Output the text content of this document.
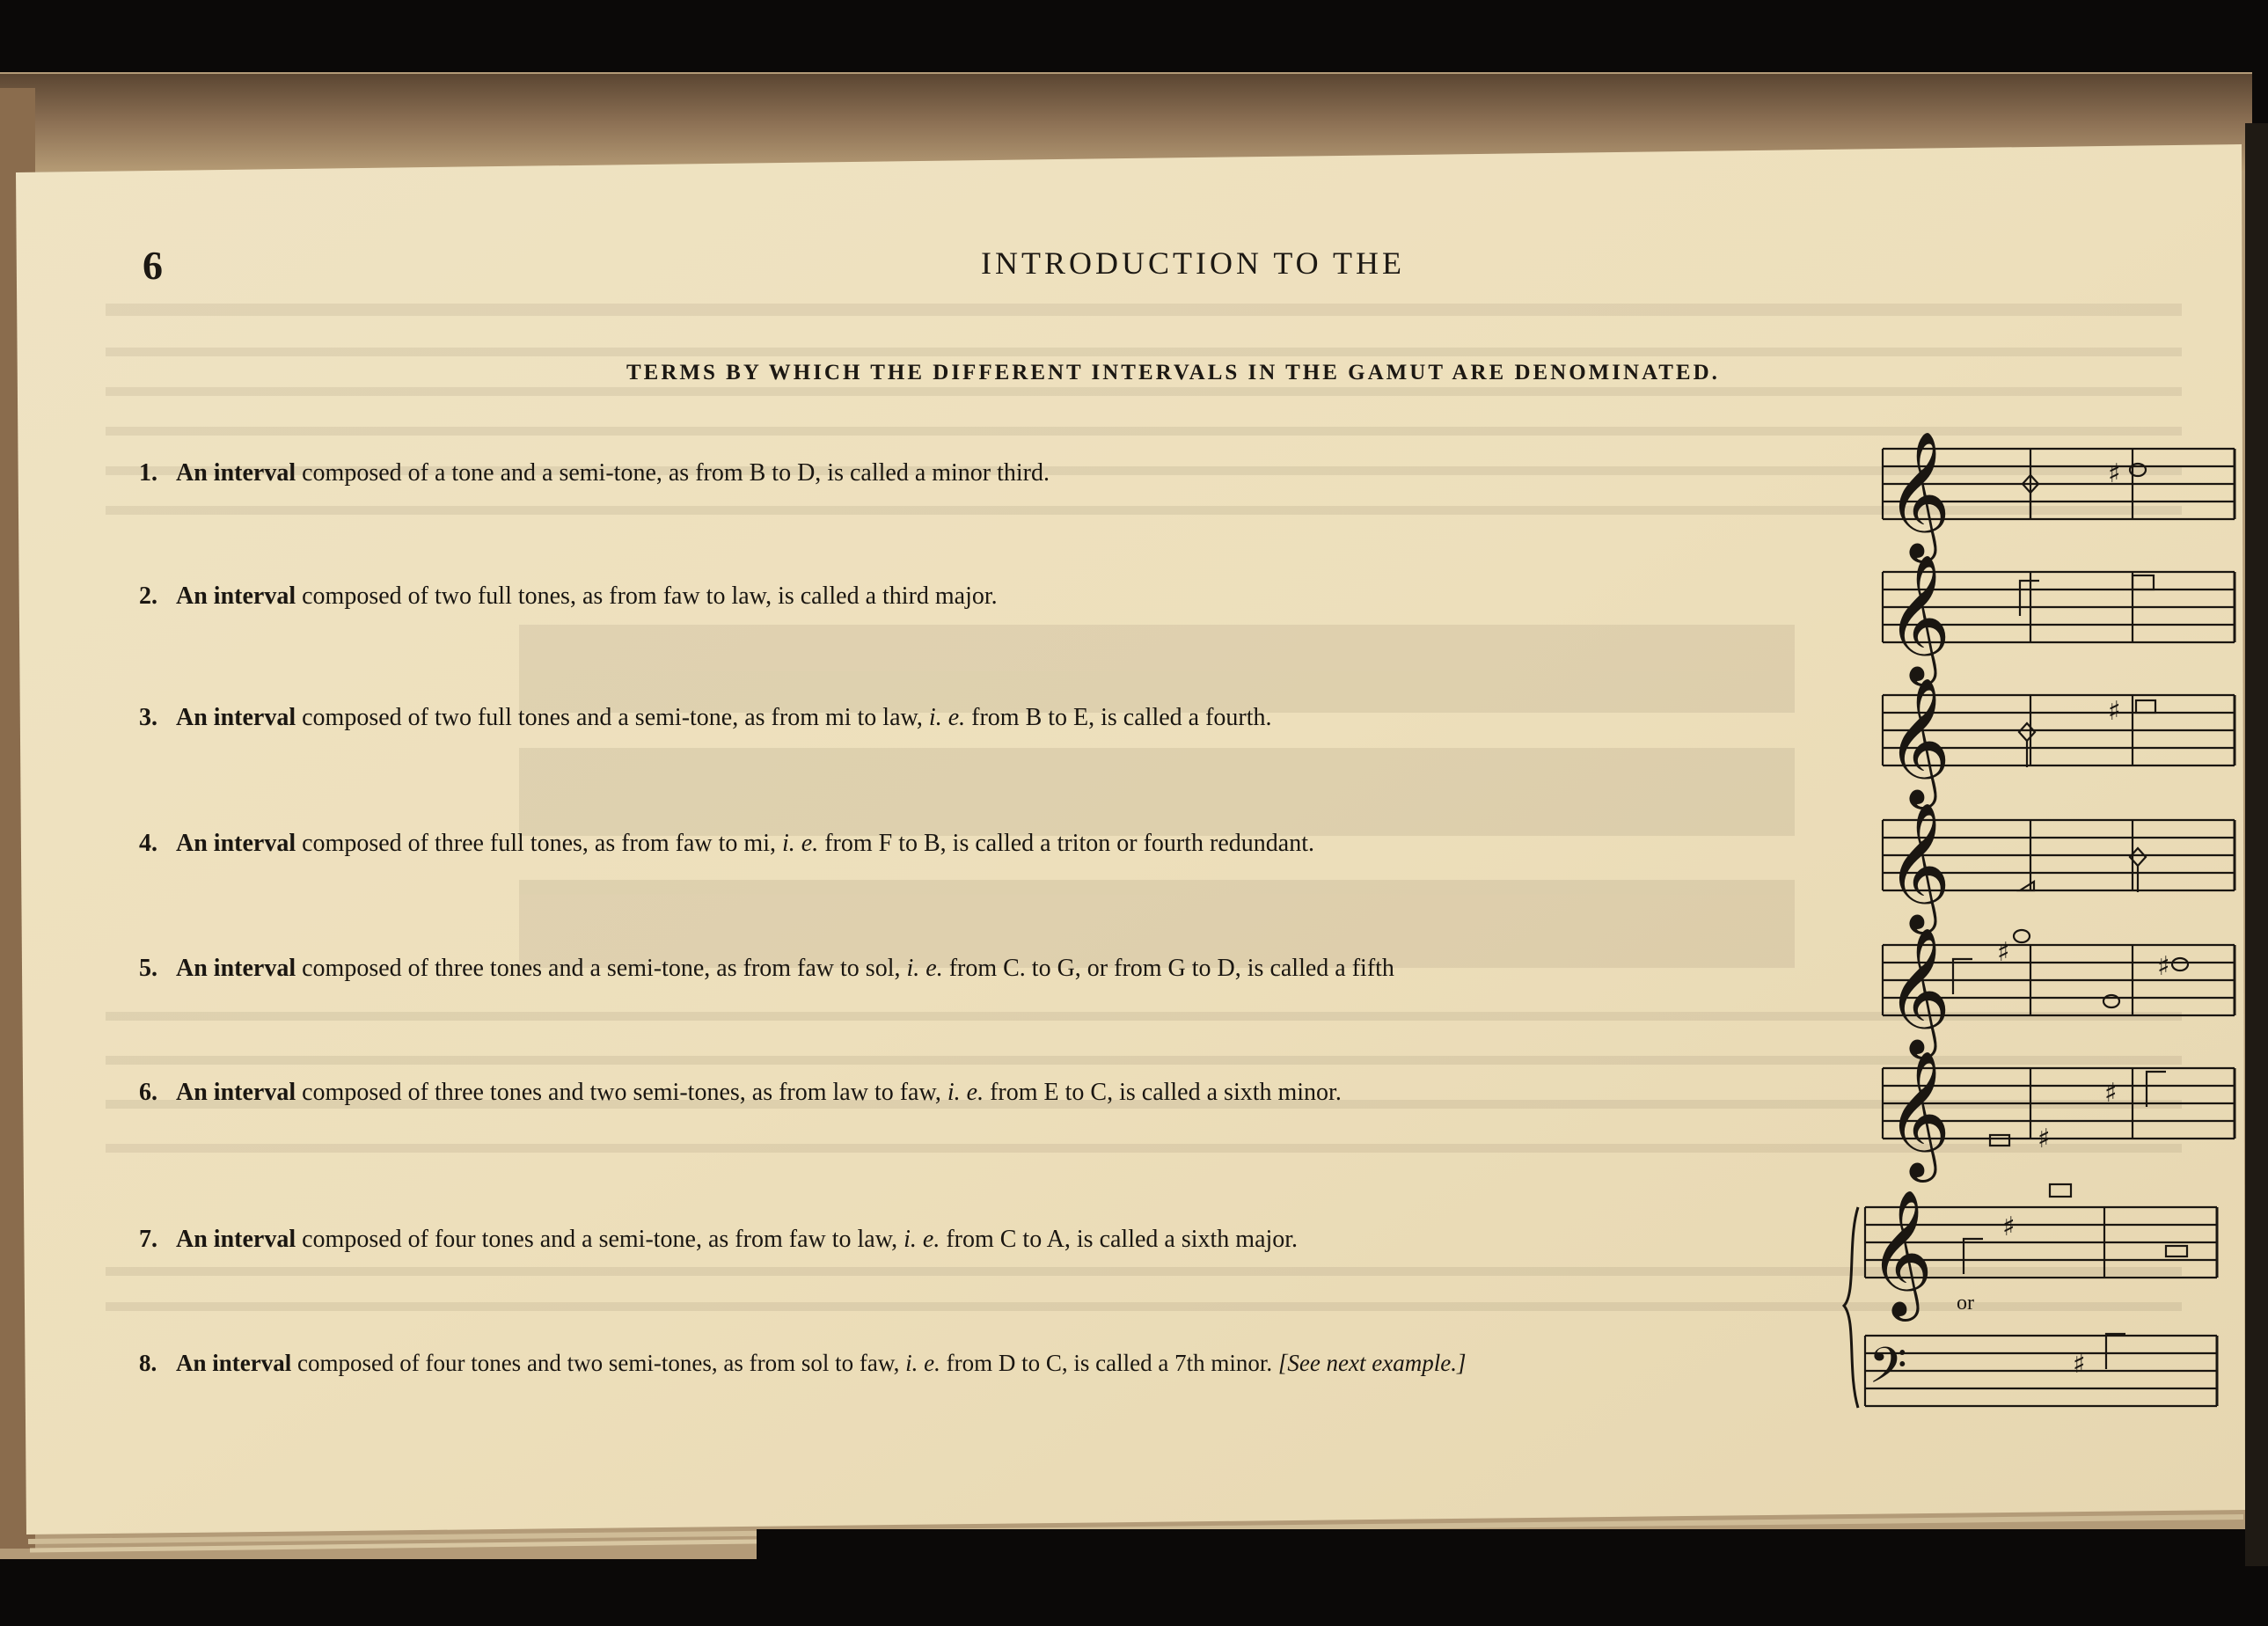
𝄞
𝄞
𝄞
𝄞
𝄞
𝄞
♯
♯
♯	♯
♯
♯
𝄞	♯
𝄢	♯
6	INTRODUCTION TO THE
TERMS BY WHICH THE DIFFERENT INTERVALS IN THE GAMUT ARE DENOMINATED.
1. An interval composed of a tone and a semi-tone, as from B to D, is called a minor third.
2. An interval composed of two full tones, as from faw to law, is called a third major.
3. An interval composed of two full tones and a semi-tone, as from mi to law, i. e. from B to E, is called a fourth.
4. An interval composed of three full tones, as from faw to mi, i. e. from F to B, is called a triton or fourth redundant.
5. An interval composed of three tones and a semi-tone, as from faw to sol, i. e. from C. to G, or from G to D, is called a fifth
6. An interval composed of three tones and two semi-tones, as from law to faw, i. e. from E to C, is called a sixth minor.
7. An interval composed of four tones and a semi-tone, as from faw to law, i. e. from C to A, is called a sixth major.
8. An interval composed of four tones and two semi-tones, as from sol to faw, i. e. from D to C, is called a 7th minor. [See next example.]
or
